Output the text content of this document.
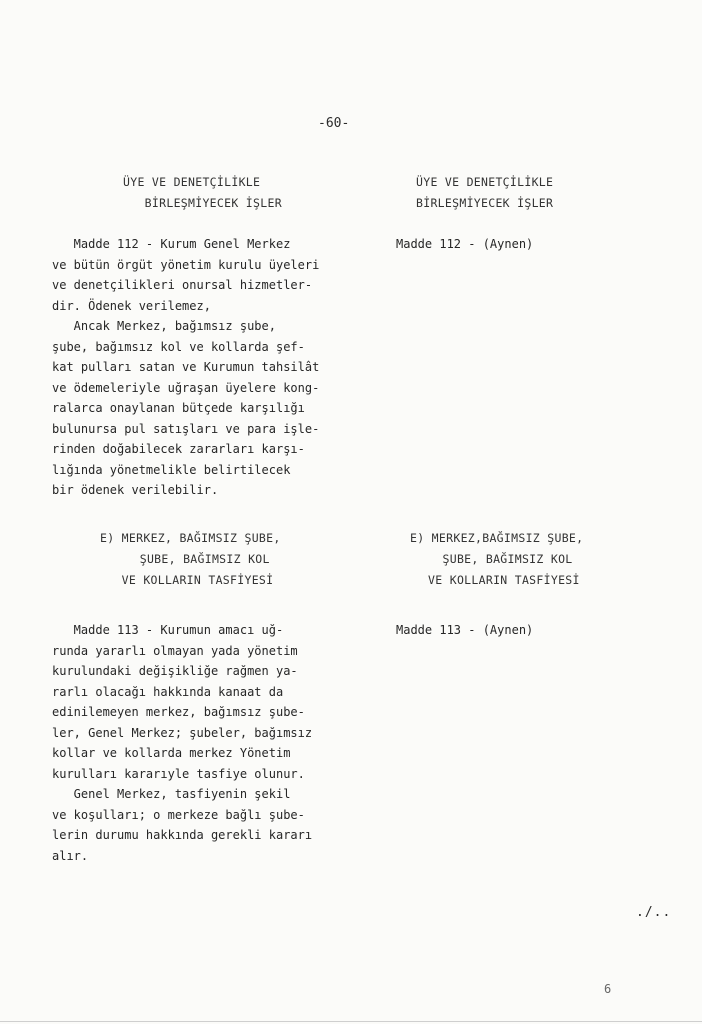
-60-
ÜYE VE DENETÇİLİKLE
BİRLEŞMİYECEK İŞLER
ÜYE VE DENETÇİLİKLE
BİRLEŞMİYECEK İŞLER
Madde 112 - Kurum Genel Merkez
ve bütün örgüt yönetim kurulu üyeleri
ve denetçilikleri onursal hizmetler-
dir. Ödenek verilemez,
Ancak Merkez, bağımsız şube,
şube, bağımsız kol ve kollarda şef-
kat pulları satan ve Kurumun tahsilât
ve ödemeleriyle uğraşan üyelere kong-
ralarca onaylanan bütçede karşılığı
bulunursa pul satışları ve para işle-
rinden doğabilecek zararları karşı-
lığında yönetmelikle belirtilecek
bir ödenek verilebilir.
Madde 112 - (Aynen)
E) MERKEZ, BAĞIMSIZ ŞUBE,
ŞUBE, BAĞIMSIZ KOL
VE KOLLARIN TASFİYESİ
E) MERKEZ,BAĞIMSIZ ŞUBE,
ŞUBE, BAĞIMSIZ KOL
VE KOLLARIN TASFİYESİ
Madde 113 - Kurumun amacı uğ-
runda yararlı olmayan yada yönetim
kurulundaki değişikliğe rağmen ya-
rarlı olacağı hakkında kanaat da
edinilemeyen merkez, bağımsız şube-
ler, Genel Merkez; şubeler, bağımsız
kollar ve kollarda merkez Yönetim
kurulları kararıyle tasfiye olunur.
Genel Merkez, tasfiyenin şekil
ve koşulları; o merkeze bağlı şube-
lerin durumu hakkında gerekli kararı
alır.
Madde 113 - (Aynen)
./..
6
